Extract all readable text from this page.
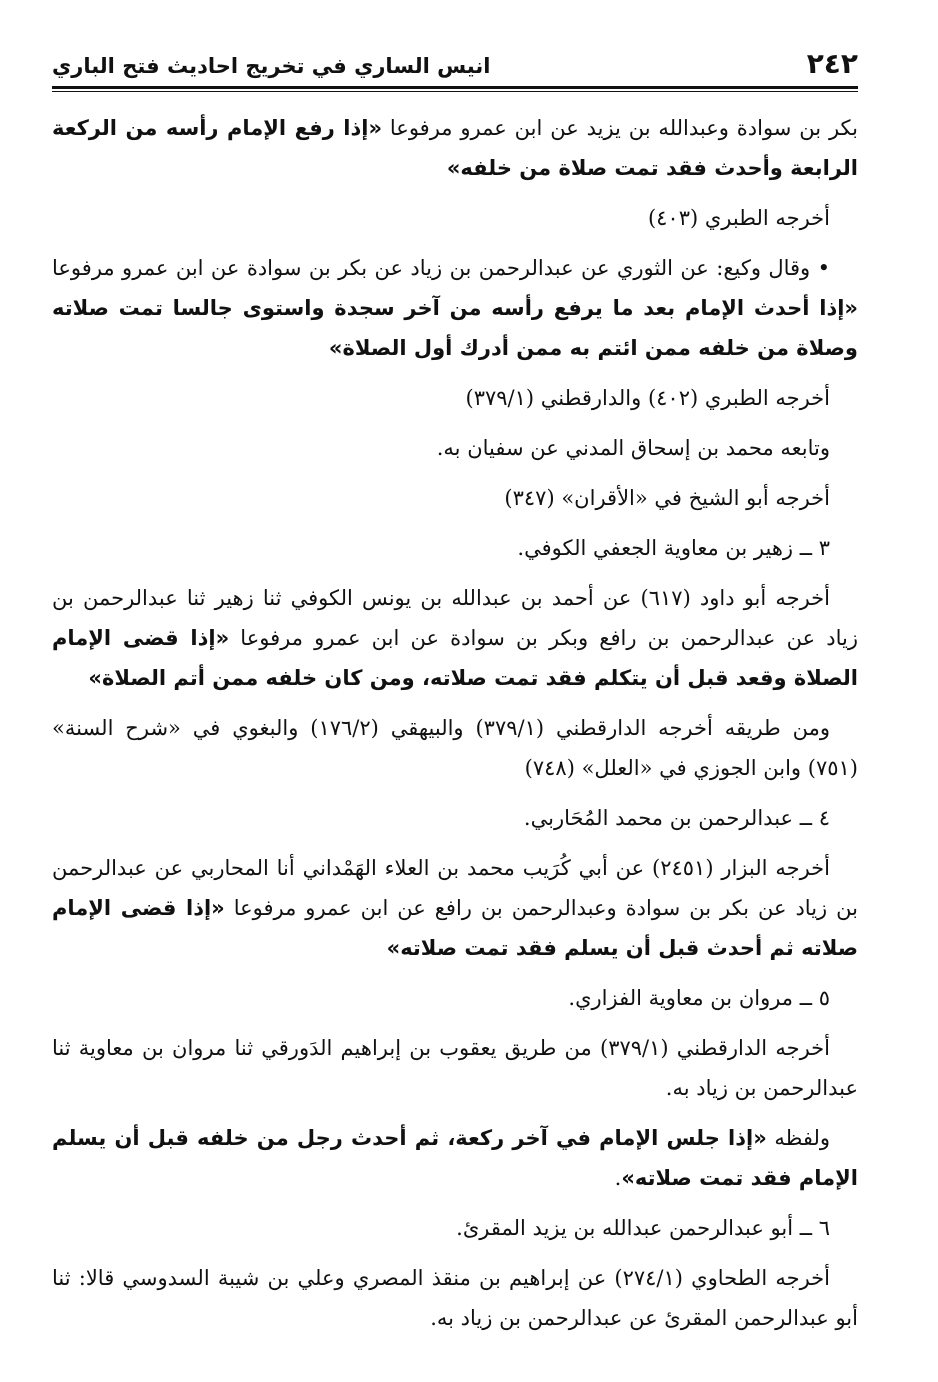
٢٤٢
انيس الساري في تخريج احاديث فتح الباري

بكر بن سوادة وعبدالله بن يزيد عن ابن عمرو مرفوعا «إذا رفع الإمام رأسه من الركعة الرابعة وأحدث فقد تمت صلاة من خلفه»

أخرجه الطبري (٤٠٣)

• وقال وكيع: عن الثوري عن عبدالرحمن بن زياد عن بكر بن سوادة عن ابن عمرو مرفوعا «إذا أحدث الإمام بعد ما يرفع رأسه من آخر سجدة واستوى جالسا تمت صلاته وصلاة من خلفه ممن ائتم به ممن أدرك أول الصلاة»

أخرجه الطبري (٤٠٢) والدارقطني (٣٧٩/١)

وتابعه محمد بن إسحاق المدني عن سفيان به.

أخرجه أبو الشيخ في «الأقران» (٣٤٧)

٣ ــ زهير بن معاوية الجعفي الكوفي.

أخرجه أبو داود (٦١٧) عن أحمد بن عبدالله بن يونس الكوفي ثنا زهير ثنا عبدالرحمن بن زياد عن عبدالرحمن بن رافع وبكر بن سوادة عن ابن عمرو مرفوعا «إذا قضى الإمام الصلاة وقعد قبل أن يتكلم فقد تمت صلاته، ومن كان خلفه ممن أتم الصلاة»

ومن طريقه أخرجه الدارقطني (٣٧٩/١) والبيهقي (١٧٦/٢) والبغوي في «شرح السنة» (٧٥١) وابن الجوزي في «العلل» (٧٤٨)

٤ ــ عبدالرحمن بن محمد المُحَاربي.

أخرجه البزار (٢٤٥١) عن أبي كُرَيب محمد بن العلاء الهَمْداني أنا المحاربي عن عبدالرحمن بن زياد عن بكر بن سوادة وعبدالرحمن بن رافع عن ابن عمرو مرفوعا «إذا قضى الإمام صلاته ثم أحدث قبل أن يسلم فقد تمت صلاته»

٥ ــ مروان بن معاوية الفزاري.

أخرجه الدارقطني (٣٧٩/١) من طريق يعقوب بن إبراهيم الدَورقي ثنا مروان بن معاوية ثنا عبدالرحمن بن زياد به.

ولفظه «إذا جلس الإمام في آخر ركعة، ثم أحدث رجل من خلفه قبل أن يسلم الإمام فقد تمت صلاته».

٦ ــ أبو عبدالرحمن عبدالله بن يزيد المقرئ.

أخرجه الطحاوي (٢٧٤/١) عن إبراهيم بن منقذ المصري وعلي بن شيبة السدوسي قالا: ثنا أبو عبدالرحمن المقرئ عن عبدالرحمن بن زياد به.
